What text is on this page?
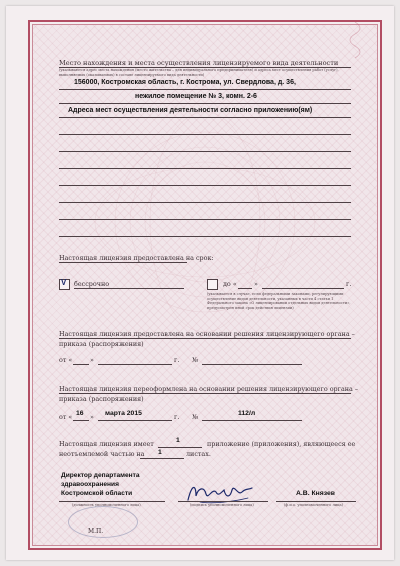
Место нахождения и места осуществления лицензируемого вида деятельности

(указываются адрес места нахождения (место жительства – для индивидуального предпринимателя) и адреса мест осуществления работ (услуг), выполняемых (оказываемых) в составе лицензируемого вида деятельности)

156000, Костромская область, г. Кострома, ул. Свердлова, д. 36,

нежилое помещение № 3, комн. 2-6

Адреса мест осуществления деятельности согласно приложению(ям)

Настоящая лицензия предоставлена на срок:

V бессрочно	до «	»	г.

(указывается в случае, если федеральными законами, регулирующими осуществление видов деятельности, указанных в части 4 статьи 1 Федерального закона «О лицензировании отдельных видов деятельности», предусмотрен иной срок действия лицензии)

Настоящая лицензия предоставлена на основании решения лицензирующего органа –

приказа (распоряжения)

от «	»	г. №

Настоящая лицензия переоформлена на основании решения лицензирующего органа –

приказа (распоряжения)

от « 16 » марта 2015	г. №	112/л

Настоящая лицензия имеет	1	приложение (приложения), являющееся ее

неотъемлемой частью на 1	листах.

Директор департамента

здравоохранения

Костромской области

(должность уполномоченного лица)	(подпись уполномоченного лица)

А.В. Князев

(ф.и.о. уполномоченного лица)

М.П.
